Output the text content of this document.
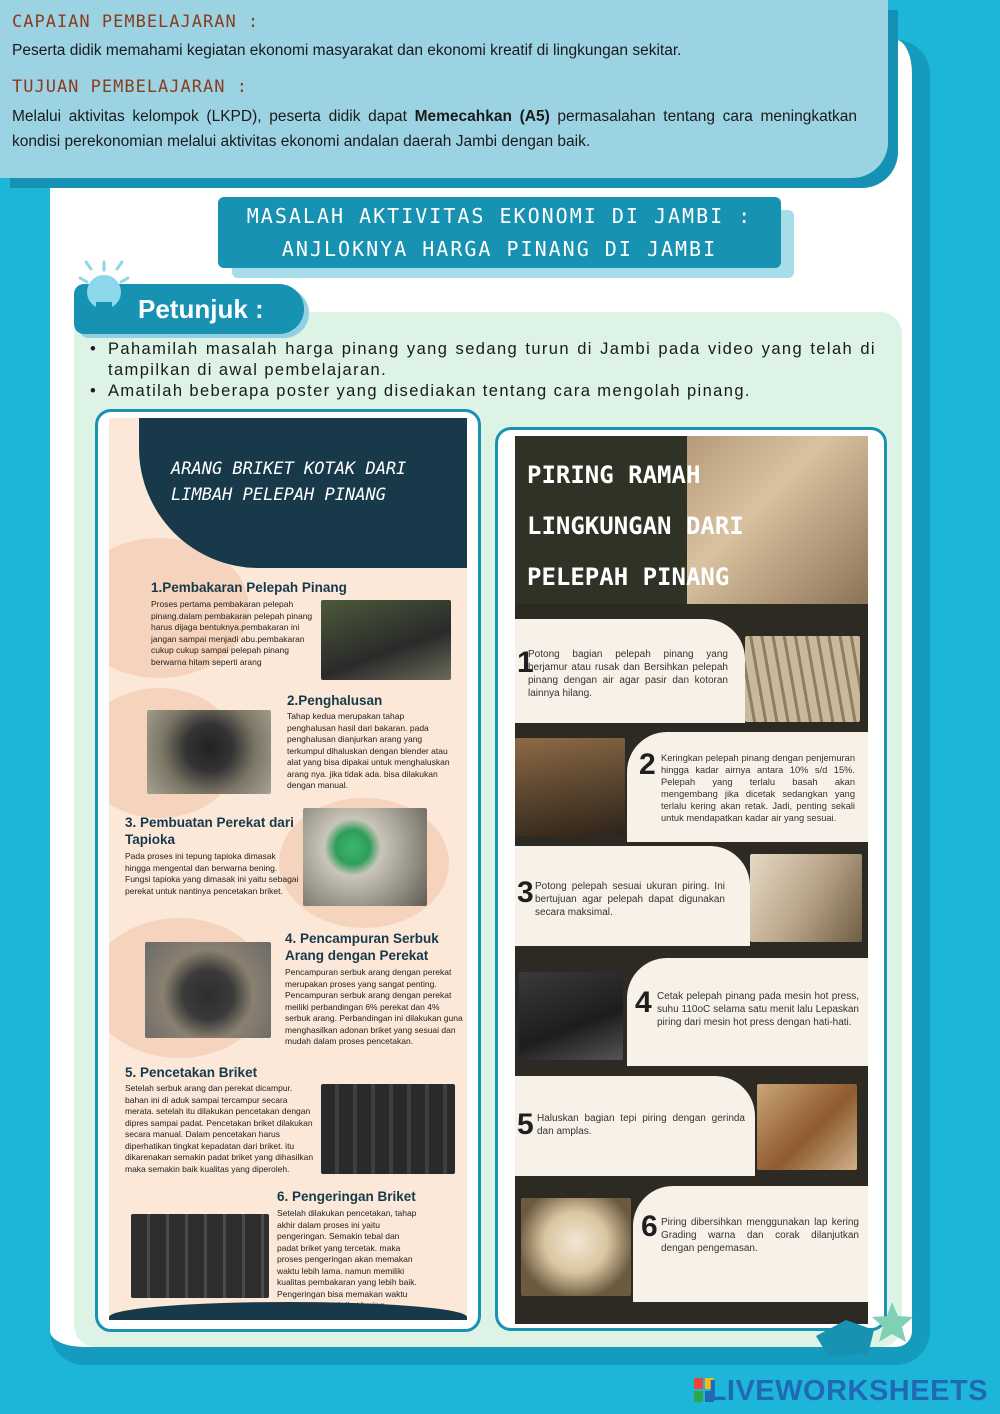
CAPAIAN PEMBELAJARAN :
Peserta didik memahami kegiatan ekonomi masyarakat dan ekonomi kreatif di lingkungan sekitar.
TUJUAN PEMBELAJARAN :
Melalui aktivitas kelompok (LKPD), peserta didik dapat Memecahkan (A5) permasalahan tentang cara meningkatkan kondisi perekonomian melalui aktivitas ekonomi andalan daerah Jambi dengan baik.
MASALAH AKTIVITAS EKONOMI DI JAMBI :
ANJLOKNYA HARGA PINANG DI JAMBI
Petunjuk :
• Pahamilah masalah harga pinang yang sedang turun di Jambi pada video yang telah di tampilkan di awal pembelajaran.
• Amatilah beberapa poster yang disediakan tentang cara mengolah pinang.
ARANG BRIKET KOTAK DARI LIMBAH PELEPAH PINANG
1.Pembakaran Pelepah Pinang
Proses pertama pembakaran pelepah pinang.dalam pembakaran pelepah pinang harus dijaga bentuknya.pembakaran ini jangan sampai menjadi abu.pembakaran cukup cukup sampai pelepah pinang berwarna hitam seperti arang
2.Penghalusan
Tahap kedua merupakan tahap penghalusan hasil dari bakaran. pada penghalusan dianjurkan arang yang terkumpul dihaluskan dengan blender atau alat yang bisa dipakai untuk menghaluskan arang nya. jika tidak ada. bisa dilakukan dengan manual.
3. Pembuatan Perekat dari Tapioka
Pada proses ini tepung tapioka dimasak hingga mengental dan berwarna bening. Fungsi tapioka yang dimasak ini yaitu sebagai perekat untuk nantinya pencetakan briket.
4. Pencampuran Serbuk Arang dengan Perekat
Pencampuran serbuk arang dengan perekat merupakan proses yang sangat penting. Pencampuran serbuk arang dengan perekat meiliki perbandingan 6% perekat dan 4% serbuk arang. Perbandingan ini dilakukan guna menghasilkan adonan briket yang sesuai dan mudah dalam proses pencetakan.
5. Pencetakan Briket
Setelah serbuk arang dan perekat dicampur. bahan ini di aduk sampai tercampur secara merata. setelah itu dilakukan pencetakan dengan dipres sampai padat. Pencetakan briket dilakukan secara manual. Dalam pencetakan harus diperhatikan tingkat kepadatan dari briket. itu dikarenakan semakin padat briket yang dihasilkan maka semakin baik kualitas yang diperoleh.
6. Pengeringan Briket
Setelah dilakukan pencetakan, tahap akhir dalam proses ini yaitu pengeringan. Semakin tebal dan padat briket yang tercetak. maka proses pengeringan akan memakan waktu lebih lama. namun memiliki kualitas pembakaran yang lebih baik. Pengeringan bisa memakan waktu
PIRING RAMAH
LINGKUNGAN DARI
PELEPAH PINANG
1
Potong bagian pelepah pinang yang berjamur atau rusak dan Bersihkan pelepah pinang dengan air agar pasir dan kotoran lainnya hilang.
2 Keringkan pelepah pinang dengan penjemuran hingga kadar airnya antara 10% s/d 15%. Pelepah yang terlalu basah akan mengembang jika dicetak sedangkan yang terlalu kering akan retak. Jadi, penting sekali untuk mendapatkan kadar air yang sesuai.
3 Potong pelepah sesuai ukuran piring. Ini bertujuan agar pelepah dapat digunakan secara maksimal.
4 Cetak pelepah pinang pada mesin hot press, suhu 110oC selama satu menit lalu Lepaskan piring dari mesin hot press dengan hati-hati.
5 Haluskan bagian tepi piring dengan gerinda dan amplas.
6 Piring dibersihkan menggunakan lap kering Grading warna dan corak dilanjutkan dengan pengemasan.
LIVEWORKSHEETS
